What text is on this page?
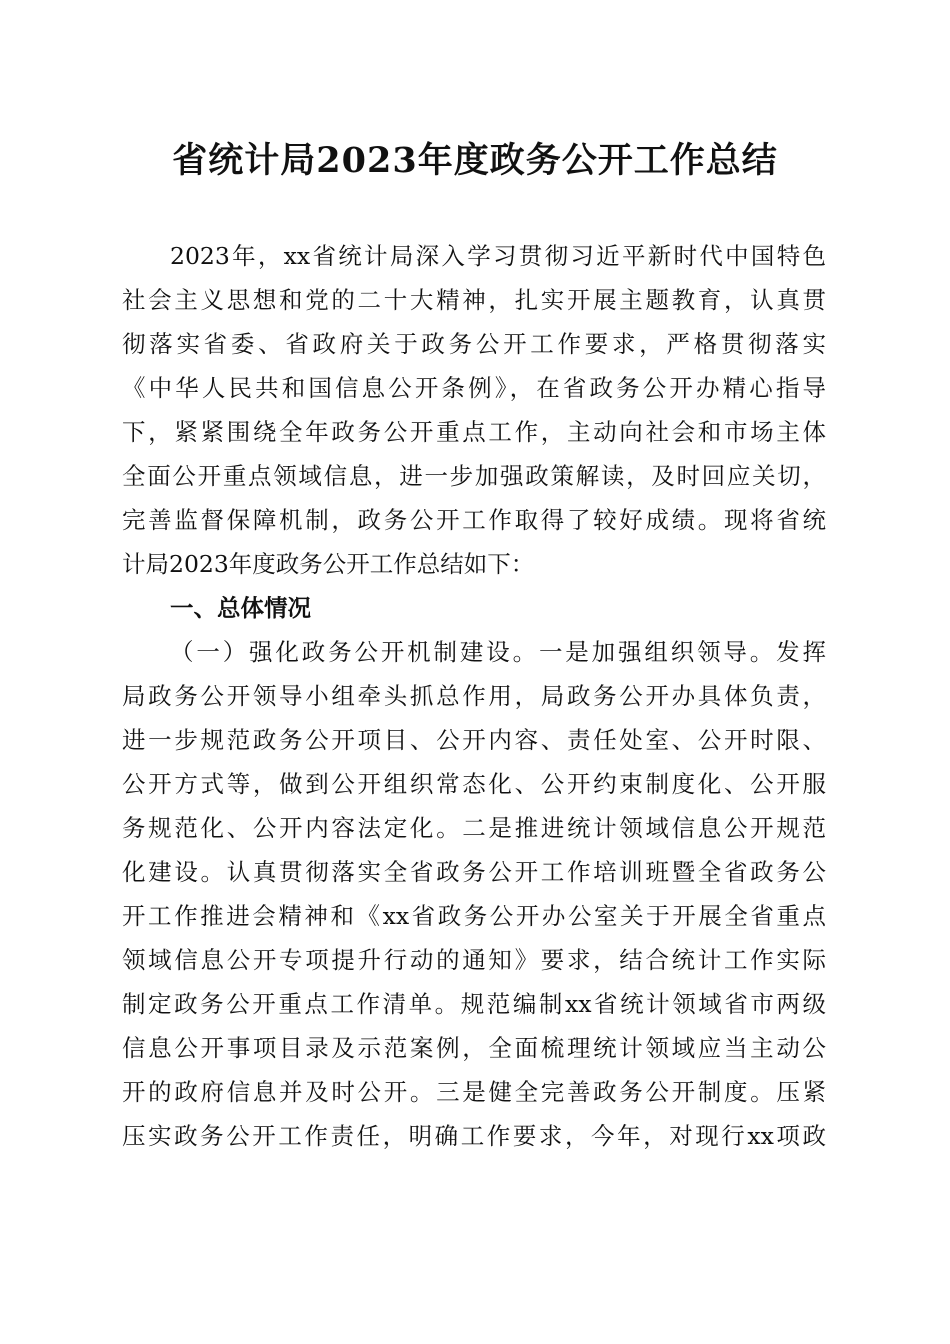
省统计局2023年度政务公开工作总结
2023年，xx省统计局深入学习贯彻习近平新时代中国特色
社会主义思想和党的二十大精神，扎实开展主题教育，认真贯
彻落实省委、省政府关于政务公开工作要求，严格贯彻落实
《中华人民共和国信息公开条例》，在省政务公开办精心指导
下，紧紧围绕全年政务公开重点工作，主动向社会和市场主体
全面公开重点领域信息，进一步加强政策解读，及时回应关切，
完善监督保障机制，政务公开工作取得了较好成绩。现将省统
计局2023年度政务公开工作总结如下：
一、总体情况
（一）强化政务公开机制建设。一是加强组织领导。发挥
局政务公开领导小组牵头抓总作用，局政务公开办具体负责，
进一步规范政务公开项目、公开内容、责任处室、公开时限、
公开方式等，做到公开组织常态化、公开约束制度化、公开服
务规范化、公开内容法定化。二是推进统计领域信息公开规范
化建设。认真贯彻落实全省政务公开工作培训班暨全省政务公
开工作推进会精神和《xx省政务公开办公室关于开展全省重点
领域信息公开专项提升行动的通知》要求，结合统计工作实际
制定政务公开重点工作清单。规范编制xx省统计领域省市两级
信息公开事项目录及示范案例，全面梳理统计领域应当主动公
开的政府信息并及时公开。三是健全完善政务公开制度。压紧
压实政务公开工作责任，明确工作要求，今年，对现行xx项政
